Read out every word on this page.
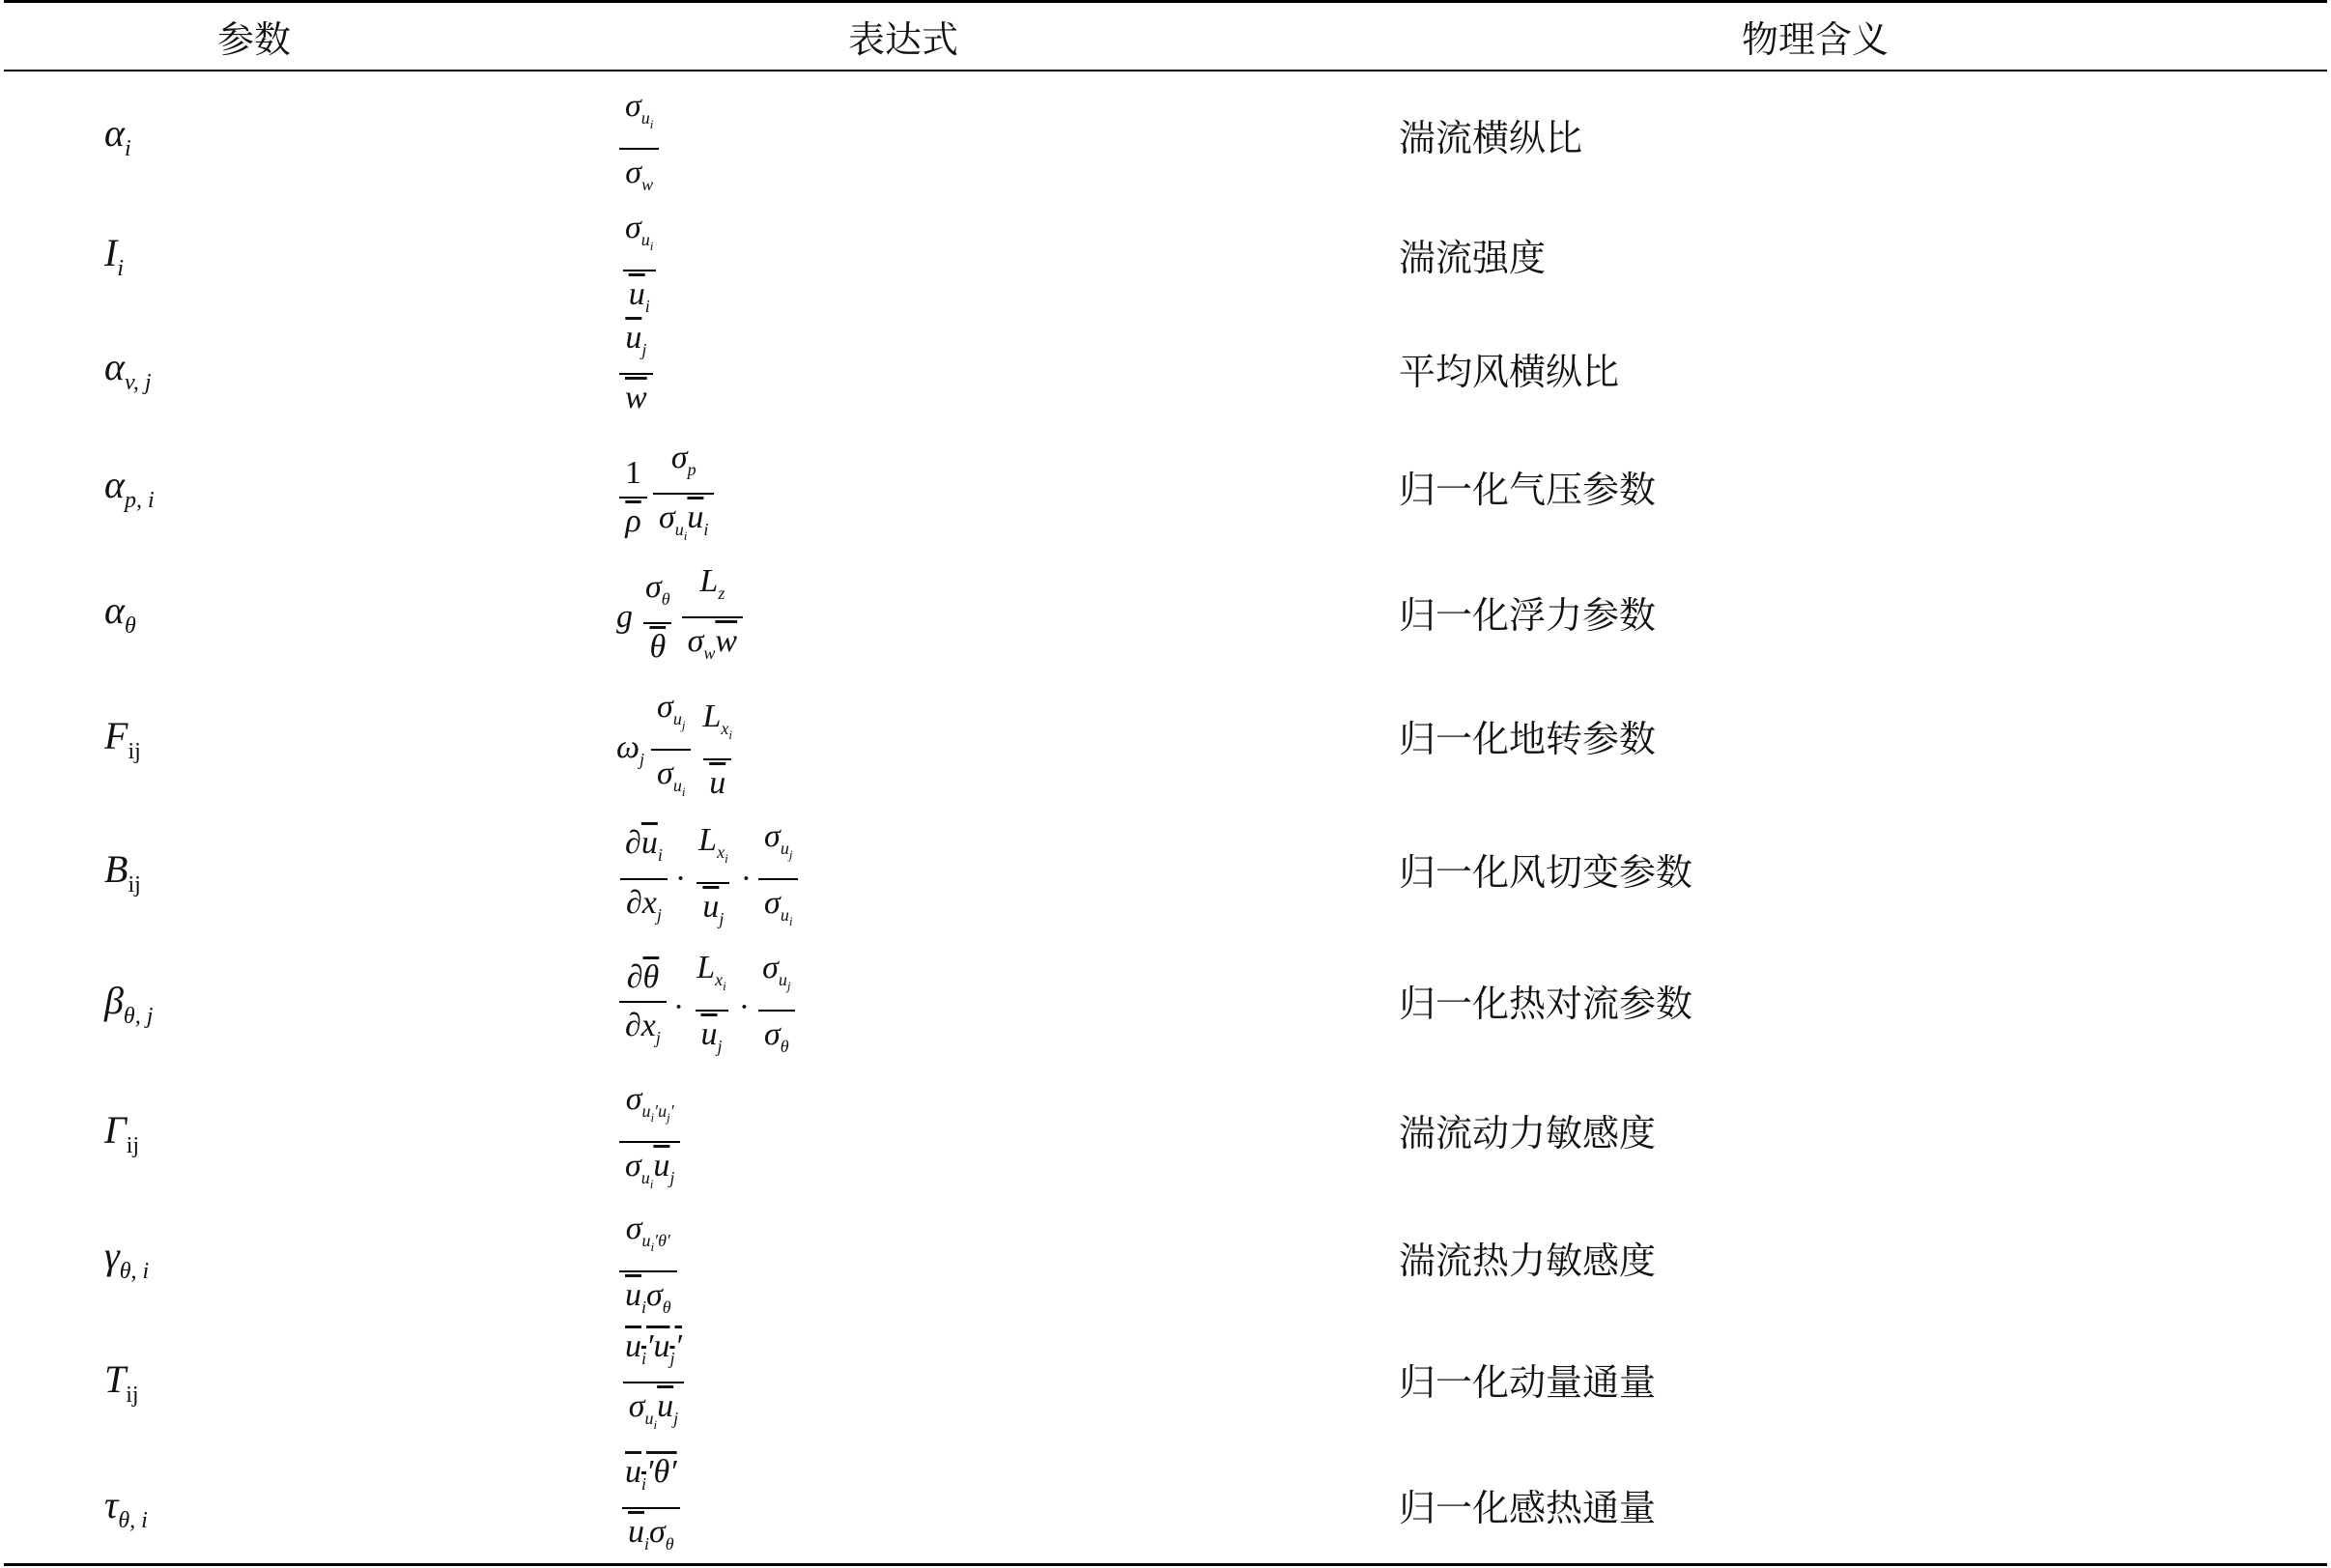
参数	表达式	物理含义
$\alpha_i$	$\frac{\sigma_{u_i}}{\sigma_w}$	湍流横纵比
$I_i$	$\frac{\sigma_{u_i}}{\overline{u}_i}$	湍流强度
$\alpha_{v, j}$	$\frac{\overline{u}_j}{w}$	平均风横纵比
$\alpha_{p, i}$	$\frac{1}{\rho} \frac{\sigma_p}{\sigma_{u_i}\overline{u}_i}$	归一化气压参数
$\alpha_\theta$	g $\frac{\sigma_\theta}{\theta} \frac{L_z}{\sigma_w\overline{w}}$	归一化浮力参数
$F_{ij}$	$\omega_j \frac{\sigma_{u_j}}{\sigma_{u_i}} \frac{L_{x_i}}{u}$	归一化地转参数
$B_{ij}$	$\frac{\partial\overline{u}_i}{\partial x_j} \cdot \frac{L_{x_i}}{\overline{u}_j} \cdot \frac{\sigma_{u_j}}{\sigma_{u_i}}$	归一化风切变参数
$\beta_{\theta, j}$	$\frac{\partial\overline{\theta}}{\partial x_j} \cdot \frac{L_{x_i}}{\overline{u}_j} \cdot \frac{\sigma_{u_j}}{\sigma_\theta}$	归一化热对流参数
$\Gamma_{ij}$	$\frac{\sigma_{u_i'u_j'}}{\sigma_{u_i}\overline{u}_j}$	湍流动力敏感度
$\gamma_{\theta, i}$	$\frac{\sigma_{u_i'\theta'}}{\overline{u}_i\sigma_\theta}$	湍流热力敏感度
$T_{ij}$	$\frac{u_i'u_j'}{\sigma_{u_i}\overline{u}_j}$	归一化动量通量
$\tau_{\theta, i}$	$\frac{u_i'\theta'}{\overline{u}_i\sigma_\theta}$	归一化感热通量
